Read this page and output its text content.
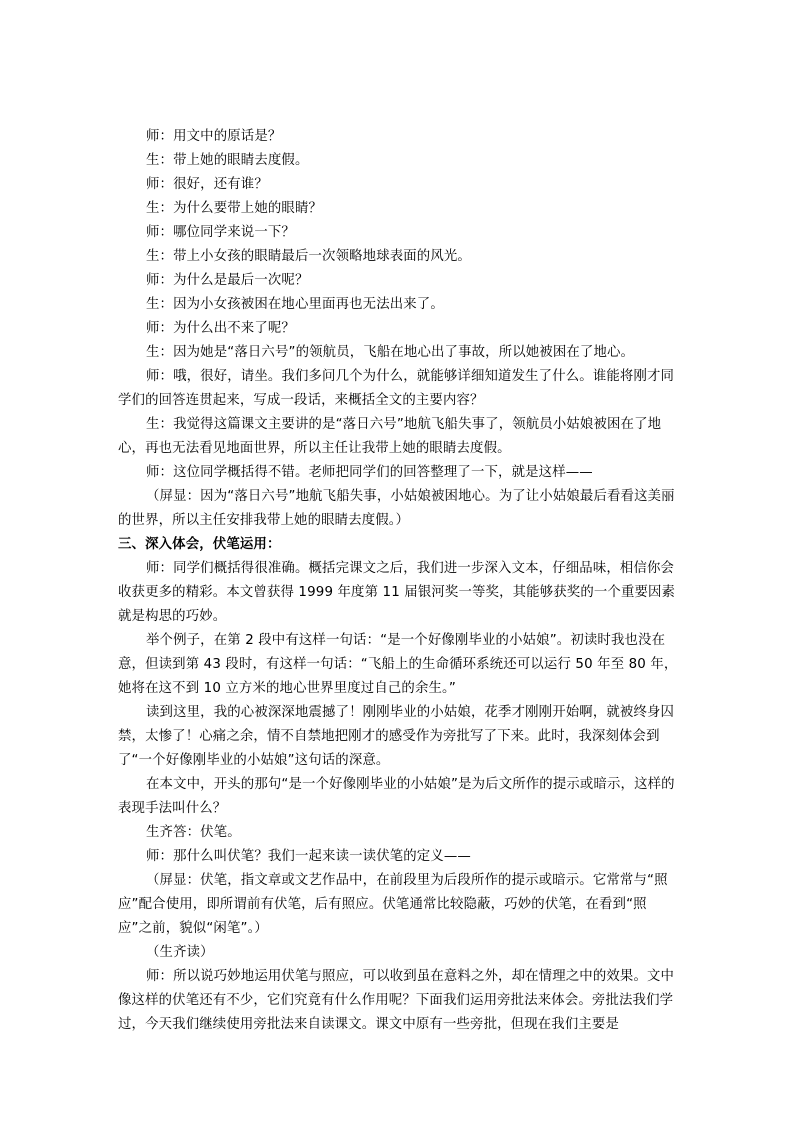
师：用文中的原话是？

生：带上她的眼睛去度假。

师：很好，还有谁？

生：为什么要带上她的眼睛？

师：哪位同学来说一下？

生：带上小女孩的眼睛最后一次领略地球表面的风光。

师：为什么是最后一次呢？

生：因为小女孩被困在地心里面再也无法出来了。

师：为什么出不来了呢？

生：因为她是“落日六号”的领航员，飞船在地心出了事故，所以她被困在了地心。

师：哦，很好，请坐。我们多问几个为什么，就能够详细知道发生了什么。谁能将刚才同学们的回答连贯起来，写成一段话，来概括全文的主要内容？

生：我觉得这篇课文主要讲的是“落日六号”地航飞船失事了，领航员小姑娘被困在了地心，再也无法看见地面世界，所以主任让我带上她的眼睛去度假。

师：这位同学概括得不错。老师把同学们的回答整理了一下，就是这样——

（屏显：因为“落日六号”地航飞船失事，小姑娘被困地心。为了让小姑娘最后看看这美丽的世界，所以主任安排我带上她的眼睛去度假。）

三、深入体会，伏笔运用：

师：同学们概括得很准确。概括完课文之后，我们进一步深入文本，仔细品味，相信你会收获更多的精彩。本文曾获得 1999 年度第 11 届银河奖一等奖，其能够获奖的一个重要因素就是构思的巧妙。

举个例子，在第 2 段中有这样一句话：“是一个好像刚毕业的小姑娘”。初读时我也没在意，但读到第 43 段时，有这样一句话：“飞船上的生命循环系统还可以运行 50 年至 80 年，她将在这不到 10 立方米的地心世界里度过自己的余生。”

读到这里，我的心被深深地震撼了！刚刚毕业的小姑娘，花季才刚刚开始啊，就被终身囚禁，太惨了！心痛之余，情不自禁地把刚才的感受作为旁批写了下来。此时，我深刻体会到了“一个好像刚毕业的小姑娘”这句话的深意。

在本文中，开头的那句“是一个好像刚毕业的小姑娘”是为后文所作的提示或暗示，这样的表现手法叫什么？

生齐答：伏笔。

师：那什么叫伏笔？我们一起来读一读伏笔的定义——

（屏显：伏笔，指文章或文艺作品中，在前段里为后段所作的提示或暗示。它常常与“照应”配合使用，即所谓前有伏笔，后有照应。伏笔通常比较隐蔽，巧妙的伏笔，在看到“照应”之前，貌似“闲笔”。）

（生齐读）

师：所以说巧妙地运用伏笔与照应，可以收到虽在意料之外，却在情理之中的效果。文中像这样的伏笔还有不少，它们究竟有什么作用呢？下面我们运用旁批法来体会。旁批法我们学过，今天我们继续使用旁批法来自读课文。课文中原有一些旁批，但现在我们主要是
